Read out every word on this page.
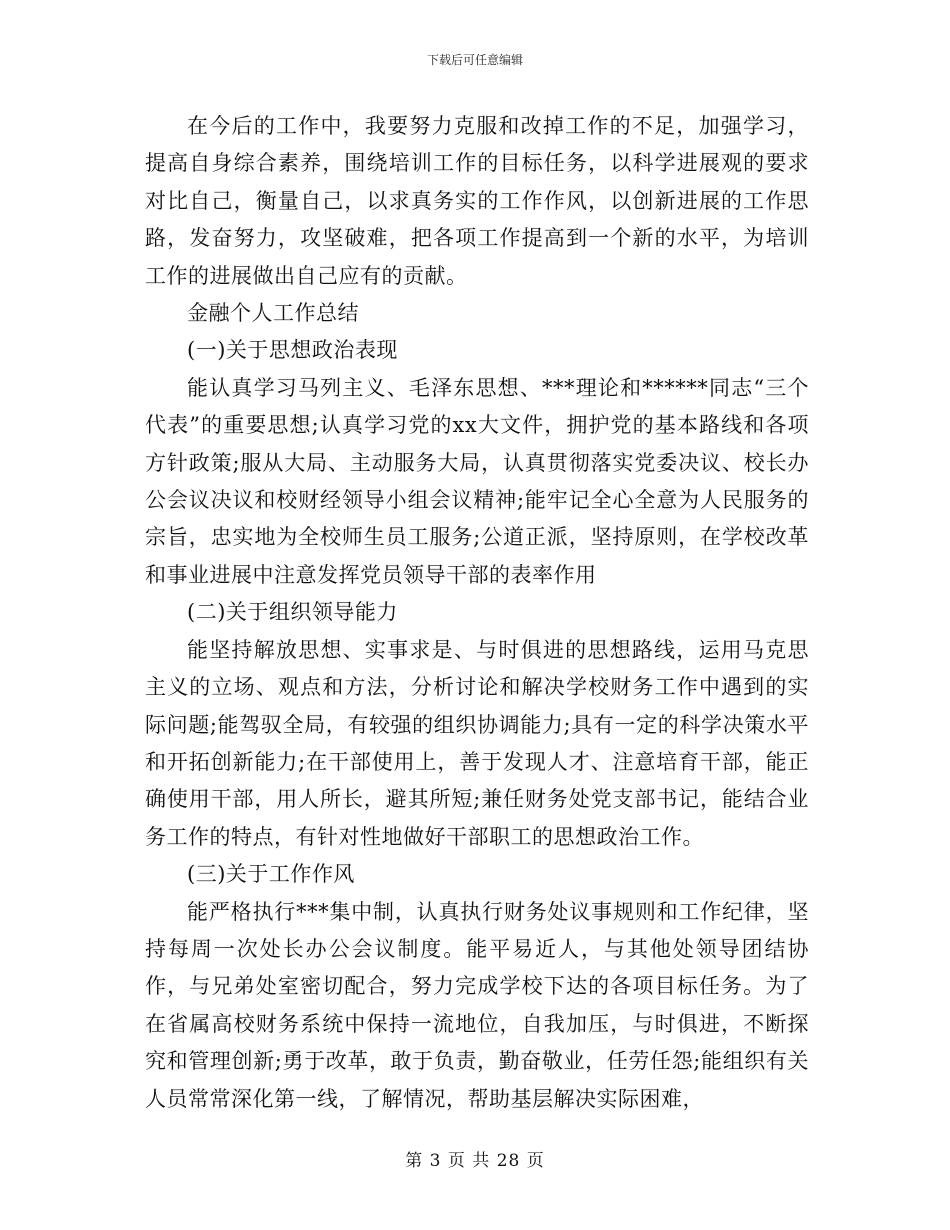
下载后可任意编辑

在今后的工作中，我要努力克服和改掉工作的不足，加强学习，提高自身综合素养，围绕培训工作的目标任务，以科学进展观的要求对比自己，衡量自己，以求真务实的工作作风，以创新进展的工作思路，发奋努力，攻坚破难，把各项工作提高到一个新的水平，为培训工作的进展做出自己应有的贡献。

金融个人工作总结

(一)关于思想政治表现

能认真学习马列主义、毛泽东思想、***理论和******同志“三个代表”的重要思想;认真学习党的xx大文件，拥护党的基本路线和各项方针政策;服从大局、主动服务大局，认真贯彻落实党委决议、校长办公会议决议和校财经领导小组会议精神;能牢记全心全意为人民服务的宗旨，忠实地为全校师生员工服务;公道正派，坚持原则，在学校改革和事业进展中注意发挥党员领导干部的表率作用

(二)关于组织领导能力

能坚持解放思想、实事求是、与时俱进的思想路线，运用马克思主义的立场、观点和方法，分析讨论和解决学校财务工作中遇到的实际问题;能驾驭全局，有较强的组织协调能力;具有一定的科学决策水平和开拓创新能力;在干部使用上，善于发现人才、注意培育干部，能正确使用干部，用人所长，避其所短;兼任财务处党支部书记，能结合业务工作的特点，有针对性地做好干部职工的思想政治工作。

(三)关于工作作风

能严格执行***集中制，认真执行财务处议事规则和工作纪律，坚持每周一次处长办公会议制度。能平易近人，与其他处领导团结协作，与兄弟处室密切配合，努力完成学校下达的各项目标任务。为了在省属高校财务系统中保持一流地位，自我加压，与时俱进，不断探究和管理创新;勇于改革，敢于负责，勤奋敬业，任劳任怨;能组织有关人员常常深化第一线，了解情况，帮助基层解决实际困难，

第 3 页 共 28 页
